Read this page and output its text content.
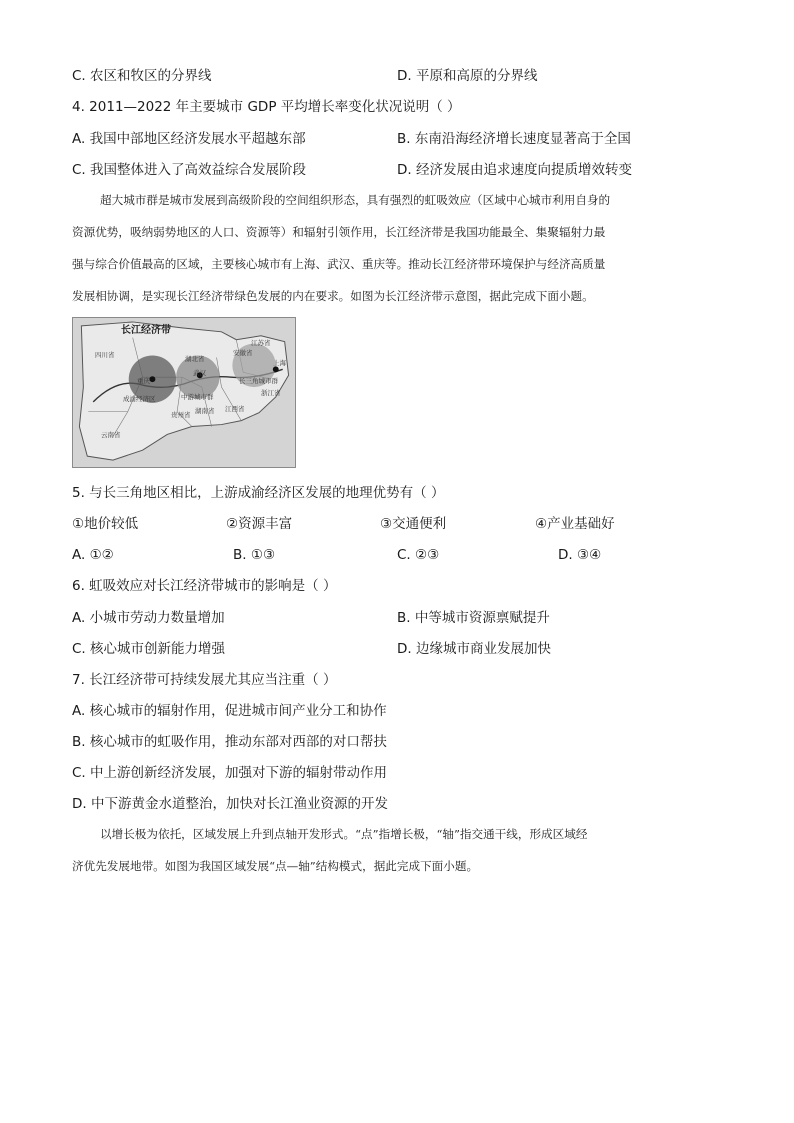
C. 农区和牧区的分界线	D. 平原和高原的分界线
4. 2011—2022 年主要城市 GDP 平均增长率变化状况说明（ ）
A. 我国中部地区经济发展水平超越东部	B. 东南沿海经济增长速度显著高于全国
C. 我国整体进入了高效益综合发展阶段	D. 经济发展由追求速度向提质增效转变
超大城市群是城市发展到高级阶段的空间组织形态，具有强烈的虹吸效应（区域中心城市利用自身的
资源优势，吸纳弱势地区的人口、资源等）和辐射引领作用，长江经济带是我国功能最全、集聚辐射力最
强与综合价值最高的区域，主要核心城市有上海、武汉、重庆等。推动长江经济带环境保护与经济高质量
发展相协调，是实现长江经济带绿色发展的内在要求。如图为长江经济带示意图，据此完成下面小题。
长江经济带
四川省
云南省
贵州省 湖南省 江西省
湖北省
武汉
重庆
安徽省
江苏省
上海
浙江省
成渝经济区	中游城市群
长三角城市群
5. 与长三角地区相比，上游成渝经济区发展的地理优势有（ ）
①地价较低	②资源丰富	③交通便利	④产业基础好
A. ①②	B. ①③	C. ②③	D. ③④
6. 虹吸效应对长江经济带城市的影响是（ ）
A. 小城市劳动力数量增加	B. 中等城市资源禀赋提升
C. 核心城市创新能力增强	D. 边缘城市商业发展加快
7. 长江经济带可持续发展尤其应当注重（ ）
A. 核心城市的辐射作用，促进城市间产业分工和协作
B. 核心城市的虹吸作用，推动东部对西部的对口帮扶
C. 中上游创新经济发展，加强对下游的辐射带动作用
D. 中下游黄金水道整治，加快对长江渔业资源的开发
以增长极为依托，区域发展上升到点轴开发形式。“点”指增长极，“轴”指交通干线，形成区域经
济优先发展地带。如图为我国区域发展“点—轴”结构模式，据此完成下面小题。
